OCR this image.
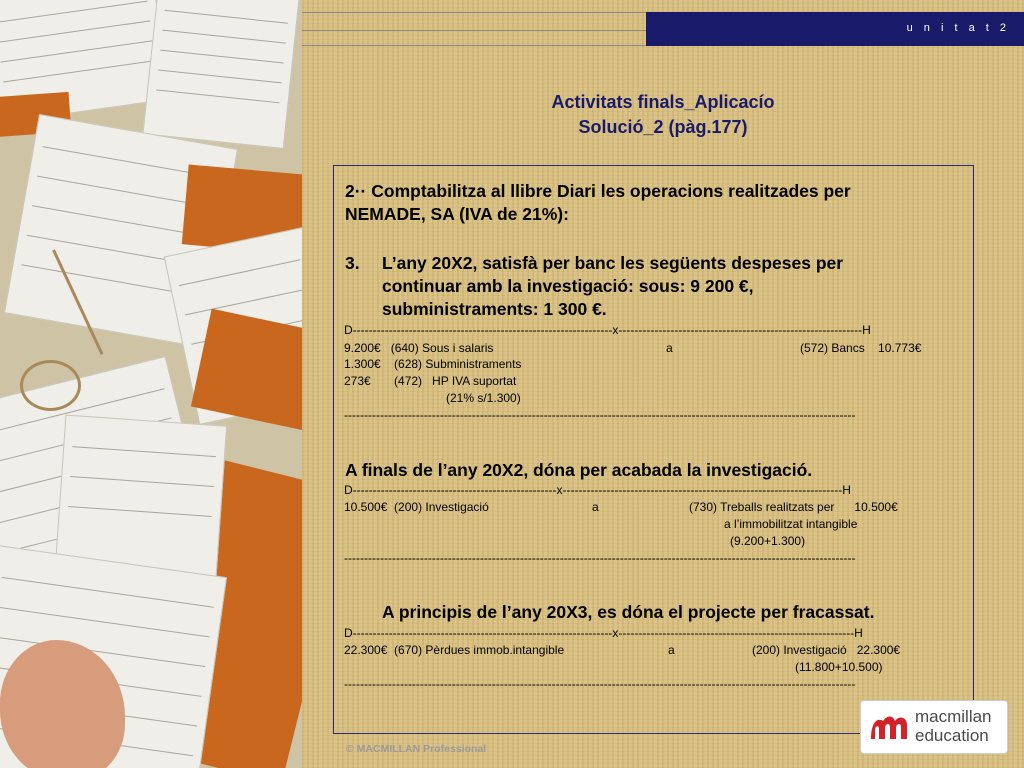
u n i t a t 2
Activitats finals_Aplicacío
Solució_2 (pàg.177)
2·· Comptabilitza al llibre Diari les operacions realitzades per
NEMADE, SA (IVA de 21%):
3. L’any 20X2, satisfà per banc les següents despeses per
continuar amb la investigació: sous: 9 200 €,
subministraments: 1 300 €.
D-----------------------------------------------------------------x-------------------------------------------------------------H
9.200€   (640) Sous i salaris	a	(572) Bancs    10.773€
1.300€    (628) Subministraments
273€       (472)   HP IVA suportat
(21% s/1.300)
--------------------------------------------------------------------------------------------------------------------------------
A finals de l’any 20X2, dóna per acabada la investigació.
D---------------------------------------------------x----------------------------------------------------------------------H
10.500€  (200) Investigació	a	(730) Treballs realitzats per      10.500€
a l’immobilitzat intangible
(9.200+1.300)
--------------------------------------------------------------------------------------------------------------------------------
A principis de l’any 20X3, es dóna el projecte per fracassat.
D-----------------------------------------------------------------x-----------------------------------------------------------H
22.300€  (670) Pèrdues immob.intangible	a	(200) Investigació   22.300€
(11.800+10.500)
--------------------------------------------------------------------------------------------------------------------------------
macmillan
education
© MACMILLAN Professional
